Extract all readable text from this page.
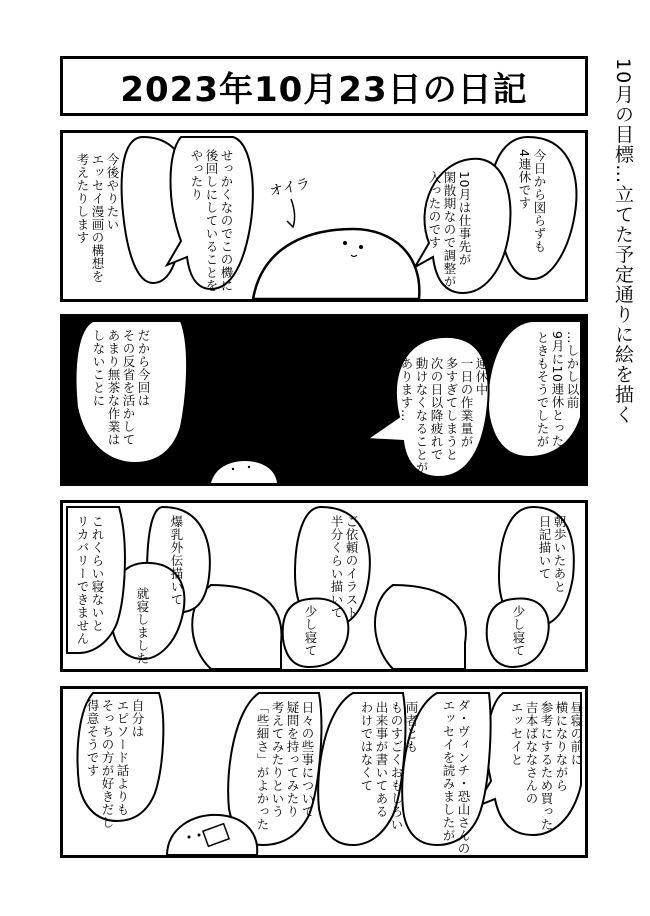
2023年10月23日の日記	10月の目標…立てた予定通りに絵を描く
オイラ	今日から図らずも
4連休です
10月は仕事先が
閑散期なので調整が
入ったのです
せっかくなのでこの機に
後回しにしていることを
やったり
今後やりたい
エッセイ漫画の構想を
考えたりします
…しかし以前
9月に10連休とった
ときもそうでしたが
連休中
一日の作業量が
多すぎてしまうと
次の日以降疲れで
動けなくなることが
あります…
だから今回は
その反省を活かして
あまり無茶な作業は
しないことに
朝歩いたあと
日記描いて
少し寝て
ご依頼のイラスト
半分くらい描いて
少し寝て
爆乳外伝描いて
就寝しました
これくらい寝ないと
リカバリーできません
昼寝の前に
横になりながら
参考にするため買った
吉本ばななさんの
エッセイと
ダ・ヴィンチ・恐山さんの
エッセイを読みましたが
両者とも
ものすごくおもしろい
出来事が書いてある
わけではなくて
日々の些事について
疑問を持ってみたり
考えてみたりという
「些細さ」がよかった
自分は
エピソード話よりも
そっちの方が好きだし
得意そうです
